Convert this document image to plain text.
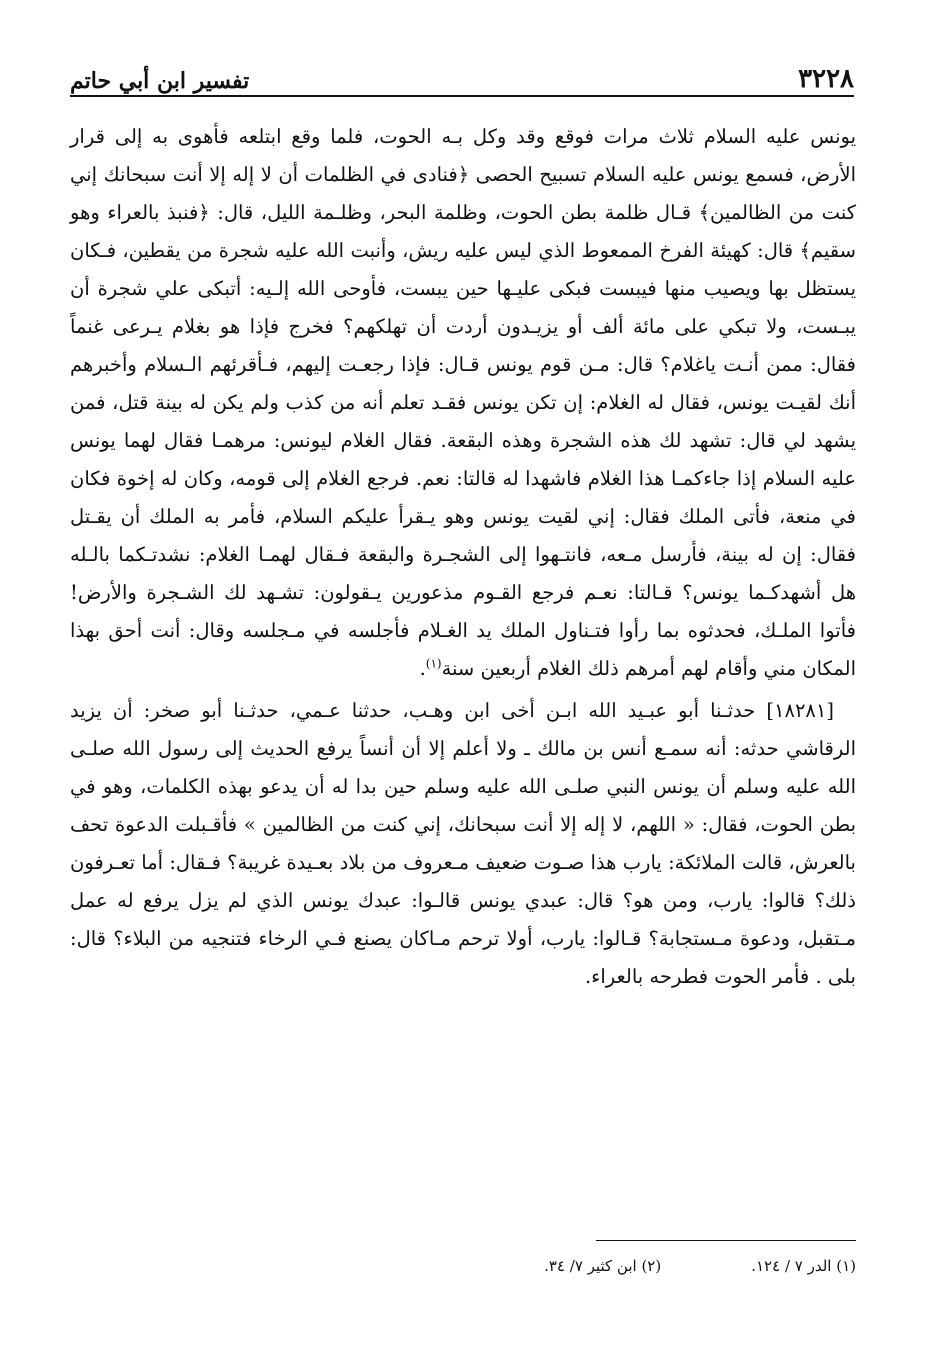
٣٢٢٨
تفسير ابن أبي حاتم

يونس عليه السلام ثلاث مرات فوقع وقد وكل بـه الحوت، فلما وقع ابتلعه فأهوى به إلى قرار الأرض، فسمع يونس عليه السلام تسبيح الحصى ﴿فنادى في الظلمات أن لا إله إلا أنت سبحانك إني كنت من الظالمين﴾ قـال ظلمة بطن الحوت، وظلمة البحر، وظلـمة الليل، قال: ﴿فنبذ بالعراء وهو سقيم﴾ قال: كهيئة الفرخ الممعوط الذي ليس عليه ريش، وأنبت الله عليه شجرة من يقطين، فـكان يستظل بها ويصيب منها فيبست فبكى عليـها حين يبست، فأوحى الله إلـيه: أتبكى علي شجرة أن يبـست، ولا تبكي على مائة ألف أو يزيـدون أردت أن تهلكهم؟ فخرج فإذا هو بغلام يـرعى غنماً فقال: ممن أنـت ياغلام؟ قال: مـن قوم يونس قـال: فإذا رجعـت إليهم، فـأقرئهم الـسلام وأخبرهم أنك لقيـت يونس، فقال له الغلام: إن تكن يونس فقـد تعلم أنه من كذب ولم يكن له بينة قتل، فمن يشهد لي قال: تشهد لك هذه الشجرة وهذه البقعة. فقال الغلام ليونس: مرهمـا فقال لهما يونس عليه السلام إذا جاءكمـا هذا الغلام فاشهدا له قالتا: نعم. فرجع الغلام إلى قومه، وكان له إخوة فكان في منعة، فأتى الملك فقال: إني لقيت يونس وهو يـقرأ عليكم السلام، فأمر به الملك أن يقـتل فقال: إن له بينة، فأرسل مـعه، فانتـهوا إلى الشجـرة والبقعة فـقال لهمـا الغلام: نشدتـكما بالـله هل أشهدكـما يونس؟ قـالتا: نعـم فرجع القـوم مذعورين يـقولون: تشـهد لك الشـجرة والأرض! فأتوا الملـك، فحدثوه بما رأوا فتـناول الملك يد الغـلام فأجلسه في مـجلسه وقال: أنت أحق بهذا المكان مني وأقام لهم أمرهم ذلك الغلام أربعين سنة$^{(١)}$.

[١٨٢٨١] حدثـنا أبو عبـيد الله ابـن أخى ابن وهـب، حدثنا عـمي، حدثـنا أبو صخر: أن يزيد الرقاشي حدثه: أنه سمـع أنس بن مالك ـ ولا أعلم إلا أن أنساً يرفع الحديث إلى رسول الله صلـى الله عليه وسلم أن يونس النبي صلـى الله عليه وسلم حين بدا له أن يدعو بهذه الكلمات، وهو في بطن الحوت، فقال: « اللهم، لا إله إلا أنت سبحانك، إني كنت من الظالمين » فأقـبلت الدعوة تحف بالعرش، قالت الملائكة: يارب هذا صـوت ضعيف مـعروف من بلاد بعـيدة غريبة؟ فـقال: أما تعـرفون ذلك؟ قالوا: يارب، ومن هو؟ قال: عبدي يونس قالـوا: عبدك يونس الذي لم يزل يرفع له عمل مـتقبل، ودعوة مـستجابة؟ قـالوا: يارب، أولا ترحم مـاكان يصنع فـي الرخاء فتنجيه من البلاء؟ قال: بلى . فأمر الحوت فطرحه بالعراء.

(١) الدر ٧ / ١٢٤.
(٢) ابن كثير ٧/ ٣٤.
